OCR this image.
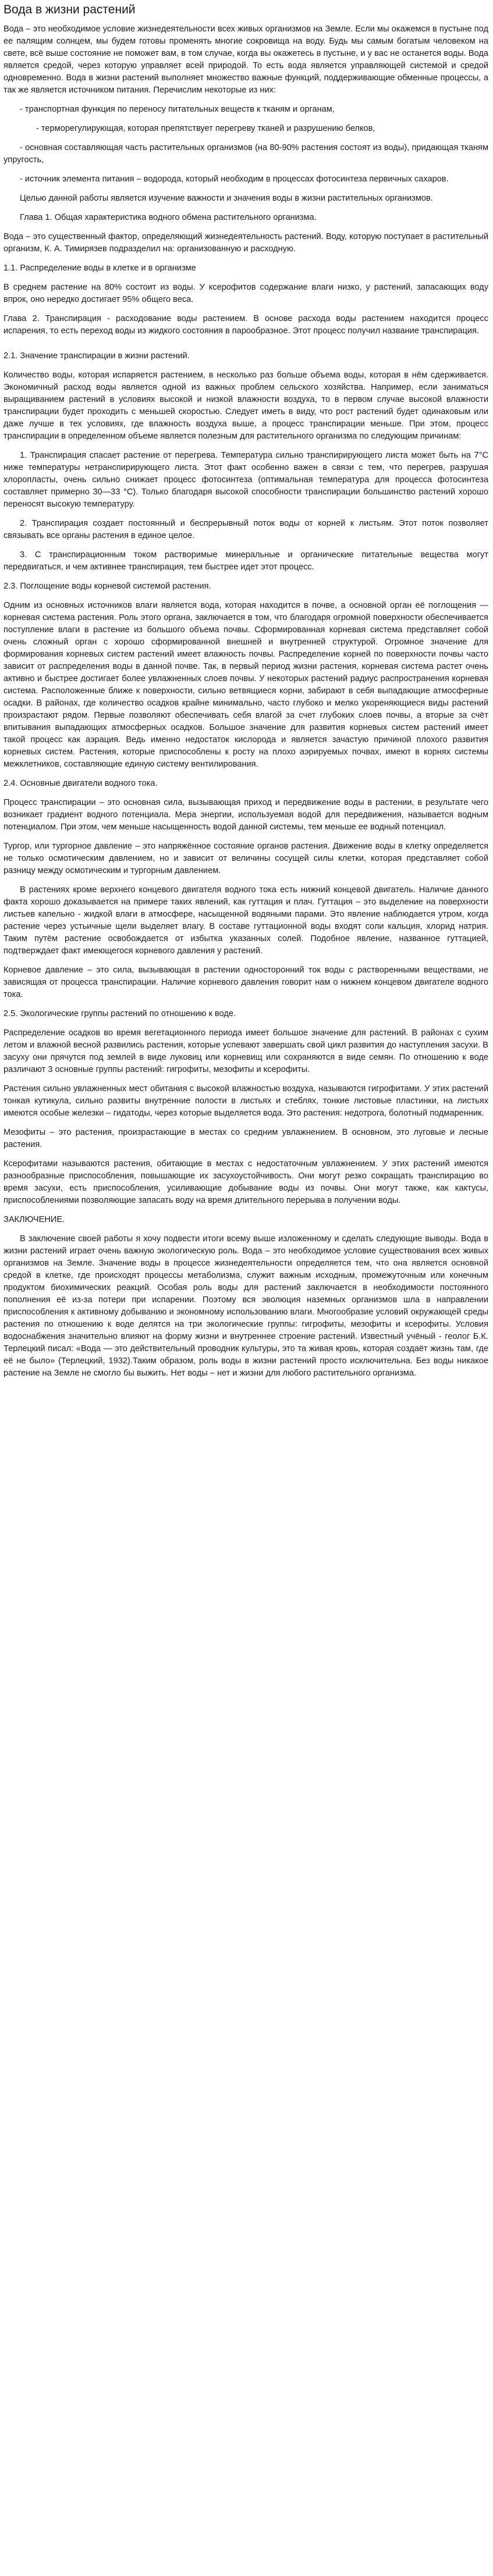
Вода в жизни растений

Вода – это необходимое условие жизнедеятельности всех живых организмов на Земле. Если мы окажемся в пустыне под ее палящим солнцем, мы будем готовы променять многие сокровища на воду. Будь мы самым богатым человеком на свете, всё выше состояние не поможет вам, в том случае, когда вы окажетесь в пустыне, и у вас не останется воды. Вода является средой, через которую управляет всей природой. То есть вода является управляющей системой и средой одновременно. Вода в жизни растений выполняет множество важные функций, поддерживающие обменные процессы, а так же является источником питания. Перечислим некоторые из них:

- транспортная функция по переносу питательных веществ к тканям и органам,

- терморегулирующая, которая препятствует перегреву тканей и разрушению белков,

- основная составляющая часть растительных организмов (на 80-90% растения состоят из воды), придающая тканям упругость,

- источник элемента питания – водорода, который необходим в процессах фотосинтеза первичных сахаров.

Целью данной работы является изучение важности и значения воды в жизни растительных организмов.

Глава 1. Общая характеристика водного обмена растительного организма.

Вода – это существенный фактор, определяющий жизнедеятельность растений. Воду, которую поступает в растительный организм, К. А. Тимирязев подразделил на: организованную и расходную.

1.1. Распределение воды в клетке и в организме

В среднем растение на 80% состоит из воды. У ксерофитов содержание влаги низко, у растений, запасающих воду впрок, оно нередко достигает 95% общего веса.

Глава 2. Транспирация - расходование воды растением. В основе расхода воды растением находится процесс испарения, то есть переход воды из жидкого состояния в парообразное. Этот процесс получил название транспирация.

2.1. Значение транспирации в жизни растений.

Количество воды, которая испаряется растением, в несколько раз больше объема воды, которая в нём сдерживается. Экономичный расход воды является одной из важных проблем сельского хозяйства. Например, если заниматься выращиванием растений в условиях высокой и низкой влажности воздуха, то в первом случае высокой влажности транспирации будет проходить с меньшей скоростью. Следует иметь в виду, что рост растений будет одинаковым или даже лучше в тех условиях, где влажность воздуха выше, а процесс транспирации меньше. При этом, процесс транспирации в определенном объеме является полезным для растительного организма по следующим причинам:

1. Транспирация спасает растение от перегрева. Температура сильно транспирирующего листа может быть на 7°С ниже температуры нетранспирирующего листа. Этот факт особенно важен в связи с тем, что перегрев, разрушая хлоропласты, очень сильно снижает процесс фотосинтеза (оптимальная температура для процесса фотосинтеза составляет примерно 30—33 °С). Только благодаря высокой способности транспирации большинство растений хорошо переносят высокую температуру.

2. Транспирация создает постоянный и беспрерывный поток воды от корней к листьям. Этот поток позволяет связывать все органы растения в единое целое.

3. С транспирационным током растворимые минеральные и органические питательные вещества могут передвигаться, и чем активнее транспирация, тем быстрее идет этот процесс.

2.3. Поглощение воды корневой системой растения.

Одним из основных источников влаги является вода, которая находится в почве, а основной орган её поглощения — корневая система растения. Роль этого органа, заключается в том, что благодаря огромной поверхности обеспечивается поступление влаги в растение из большого объема почвы. Сформированная корневая система представляет собой очень сложный орган с хорошо сформированной внешней и внутренней структурой. Огромное значение для формирования корневых систем растений имеет влажность почвы. Распределение корней по поверхности почвы часто зависит от распределения воды в данной почве. Так, в первый период жизни растения, корневая система растет очень активно и быстрее достигает более увлажненных слоев почвы. У некоторых растений радиус распространения корневая система. Расположенные ближе к поверхности, сильно ветвящиеся корни, забирают в себя выпадающие атмосферные осадки. В районах, где количество осадков крайне минимально, часто глубоко и мелко укореняющиеся виды растений произрастают рядом. Первые позволяют обеспечивать себя влагой за счет глубоких слоев почвы, а вторые за счёт впитывания выпадающих атмосферных осадков. Большое значение для развития корневых систем растений имеет такой процесс как аэрация. Ведь именно недостаток кислорода и является зачастую причиной плохого развития корневых систем. Растения, которые приспособлены к росту на плохо аэрируемых почвах, имеют в корнях системы межклетников, составляющие единую систему вентилирования.

2.4. Основные двигатели водного тока.

Процесс транспирации – это основная сила, вызывающая приход и передвижение воды в растении, в результате чего возникает градиент водного потенциала. Мера энергии, используемая водой для передвижения, называется водным потенциалом. При этом, чем меньше насыщенность водой данной системы, тем меньше ее водный потенциал.

Тургор, или тургорное давление – это напряжённое состояние органов растения. Движение воды в клетку определяется не только осмотическим давлением, но и зависит от величины сосущей силы клетки, которая представляет собой разницу между осмотическим и тургорным давлением.

В растениях кроме верхнего концевого двигателя водного тока есть нижний концевой двигатель. Наличие данного факта хорошо доказывается на примере таких явлений, как гуттация и плач. Гуттация – это выделение на поверхности листьев капельно - жидкой влаги в атмосфере, насыщенной водяными парами. Это явление наблюдается утром, когда растение через устьичные щели выделяет влагу. В составе гуттационной воды входят соли кальция, хлорид натрия. Таким путём растение освобождается от избытка указанных солей. Подобное явление, названное гуттацией, подтверждает факт имеющегося корневого давления у растений.

Корневое давление – это сила, вызывающая в растении односторонний ток воды с растворенными веществами, не зависящая от процесса транспирации. Наличие корневого давления говорит нам о нижнем концевом двигателе водного тока.

2.5. Экологические группы растений по отношению к воде.

Распределение осадков во время вегетационного периода имеет большое значение для растений. В районах с сухим летом и влажной весной развились растения, которые успевают завершать свой цикл развития до наступления засухи. В засуху они прячутся под землей в виде луковиц или корневищ или сохраняются в виде семян. По отношению к воде различают 3 основные группы растений: гигрофиты, мезофиты и ксерофиты.

Растения сильно увлажненных мест обитания с высокой влажностью воздуха, называются гигрофитами. У этих растений тонкая кутикула, сильно развиты внутренние полости в листьях и стеблях, тонкие листовые пластинки, на листьях имеются особые железки – гидатоды, через которые выделяется вода. Это растения: недотрога, болотный подмаренник.

Мезофиты – это растения, произрастающие в местах со средним увлажнением. В основном, это луговые и лесные растения.

Ксерофитами называются растения, обитающие в местах с недостаточным увлажнением. У этих растений имеются разнообразные приспособления, повышающие их засухоустойчивость. Они могут резко сокращать транспирацию во время засухи, есть приспособления, усиливающие добывание воды из почвы. Они могут также, как кактусы, приспособлениями позволяющие запасать воду на время длительного перерыва в получении воды.

ЗАКЛЮЧЕНИЕ.

В заключение своей работы я хочу подвести итоги всему выше изложенному и сделать следующие выводы. Вода в жизни растений играет очень важную экологическую роль. Вода – это необходимое условие существования всех живых организмов на Земле. Значение воды в процессе жизнедеятельности определяется тем, что она является основной средой в клетке, где происходят процессы метаболизма, служит важным исходным, промежуточным или конечным продуктом биохимических реакций. Особая роль воды для растений заключается в необходимости постоянного пополнения её из-за потери при испарении. Поэтому вся эволюция наземных организмов шла в направлении приспособления к активному добыванию и экономному использованию влаги. Многообразие условий окружающей среды растения по отношению к воде делятся на три экологические группы: гигрофиты, мезофиты и ксерофиты. Условия водоснабжения значительно влияют на форму жизни и внутреннее строение растений. Известный учёный - геолог Б.К. Терлецкий писал: «Вода — это действительный проводник культуры, это та живая кровь, которая создаёт жизнь там, где её не было» (Терлецкий, 1932).Таким образом, роль воды в жизни растений просто исключительна. Без воды никакое растение на Земле не смогло бы выжить. Нет воды – нет и жизни для любого растительного организма.
